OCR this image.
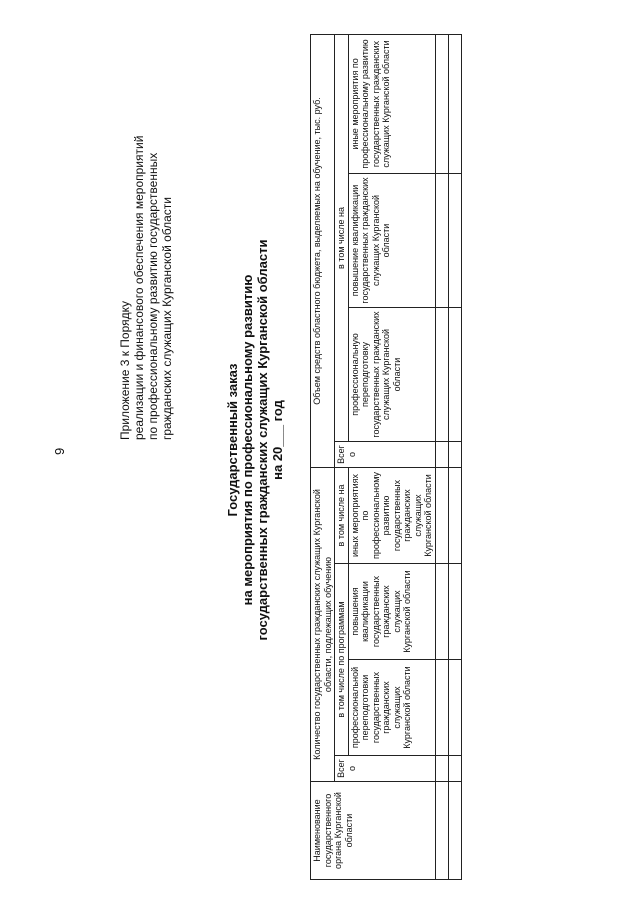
9
Приложение 3 к Порядку реализации и финансового обеспечения мероприятий по профессиональному развитию государственных гражданских служащих Курганской области	Государственный заказ на мероприятия по профессиональному развитию государственных гражданских служащих Курганской области на 20___ год
Наименование государственного органа Курганской области	Количество государственных гражданских служащих Курганской области, подлежащих обучению				Объем средств областного бюджета, выделяемых на обучение, тыс. руб.			
	Всего	в том числе по программам		в том числе на	Всего	в том числе на		
		профессиональной переподготовки государственных гражданских служащих Курганской области	повышения квалификации государственных гражданских служащих Курганской области	иных мероприятиях по профессиональному развитию государственных гражданских служащих Курганской области		профессиональную переподготовку государственных гражданских служащих Курганской области	повышение квалификации государственных гражданских служащих Курганской области	иные мероприятия по профессиональному развитию государственных гражданских служащих Курганской области
